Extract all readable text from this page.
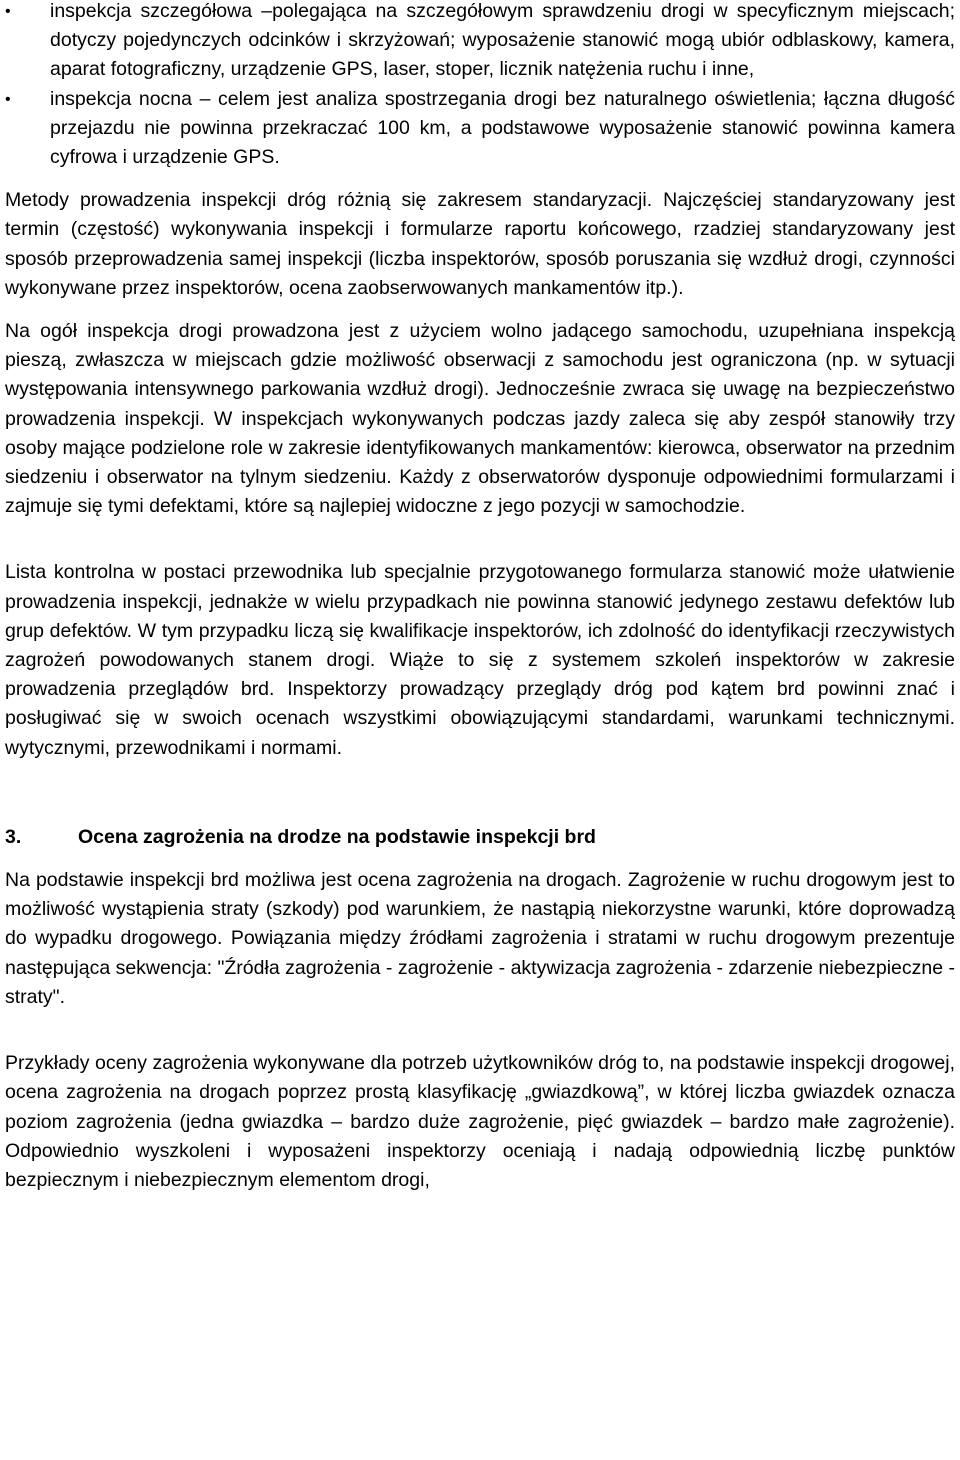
• inspekcja szczegółowa –polegająca na szczegółowym sprawdzeniu drogi w specyficznym miejscach; dotyczy pojedynczych odcinków i skrzyżowań; wyposażenie stanowić mogą ubiór odblaskowy, kamera, aparat fotograficzny, urządzenie GPS, laser, stoper, licznik natężenia ruchu i inne,
• inspekcja nocna – celem jest analiza spostrzegania drogi bez naturalnego oświetlenia; łączna długość przejazdu nie powinna przekraczać 100 km, a podstawowe wyposażenie stanowić powinna kamera cyfrowa i urządzenie GPS.

Metody prowadzenia inspekcji dróg różnią się zakresem standaryzacji. Najczęściej standaryzowany jest termin (częstość) wykonywania inspekcji i formularze raportu końcowego, rzadziej standaryzowany jest sposób przeprowadzenia samej inspekcji (liczba inspektorów, sposób poruszania się wzdłuż drogi, czynności wykonywane przez inspektorów, ocena zaobserwowanych mankamentów itp.).

Na ogół inspekcja drogi prowadzona jest z użyciem wolno jadącego samochodu, uzupełniana inspekcją pieszą, zwłaszcza w miejscach gdzie możliwość obserwacji z samochodu jest ograniczona (np. w sytuacji występowania intensywnego parkowania wzdłuż drogi). Jednocześnie zwraca się uwagę na bezpieczeństwo prowadzenia inspekcji. W inspekcjach wykonywanych podczas jazdy zaleca się aby zespół stanowiły trzy osoby mające podzielone role w zakresie identyfikowanych mankamentów: kierowca, obserwator na przednim siedzeniu i obserwator na tylnym siedzeniu. Każdy z obserwatorów dysponuje odpowiednimi formularzami i zajmuje się tymi defektami, które są najlepiej widoczne z jego pozycji w samochodzie.

Lista kontrolna w postaci przewodnika lub specjalnie przygotowanego formularza stanowić może ułatwienie prowadzenia inspekcji, jednakże w wielu przypadkach nie powinna stanowić jedynego zestawu defektów lub grup defektów. W tym przypadku liczą się kwalifikacje inspektorów, ich zdolność do identyfikacji rzeczywistych zagrożeń powodowanych stanem drogi. Wiąże to się z systemem szkoleń inspektorów w zakresie prowadzenia przeglądów brd. Inspektorzy prowadzący przeglądy dróg pod kątem brd powinni znać i posługiwać się w swoich ocenach wszystkimi obowiązującymi standardami, warunkami technicznymi. wytycznymi, przewodnikami i normami.

3.	Ocena zagrożenia na drodze na podstawie inspekcji brd

Na podstawie inspekcji brd możliwa jest ocena zagrożenia na drogach. Zagrożenie w ruchu drogowym jest to możliwość wystąpienia straty (szkody) pod warunkiem, że nastąpią niekorzystne warunki, które doprowadzą do wypadku drogowego. Powiązania między źródłami zagrożenia i stratami w ruchu drogowym prezentuje następująca sekwencja: "Źródła zagrożenia - zagrożenie - aktywizacja zagrożenia - zdarzenie niebezpieczne - straty".

Przykłady oceny zagrożenia wykonywane dla potrzeb użytkowników dróg to, na podstawie inspekcji drogowej, ocena zagrożenia na drogach poprzez prostą klasyfikację „gwiazdkową”, w której liczba gwiazdek oznacza poziom zagrożenia (jedna gwiazdka – bardzo duże zagrożenie, pięć gwiazdek – bardzo małe zagrożenie). Odpowiednio wyszkoleni i wyposażeni inspektorzy oceniają i nadają odpowiednią liczbę punktów bezpiecznym i niebezpiecznym elementom drogi,
